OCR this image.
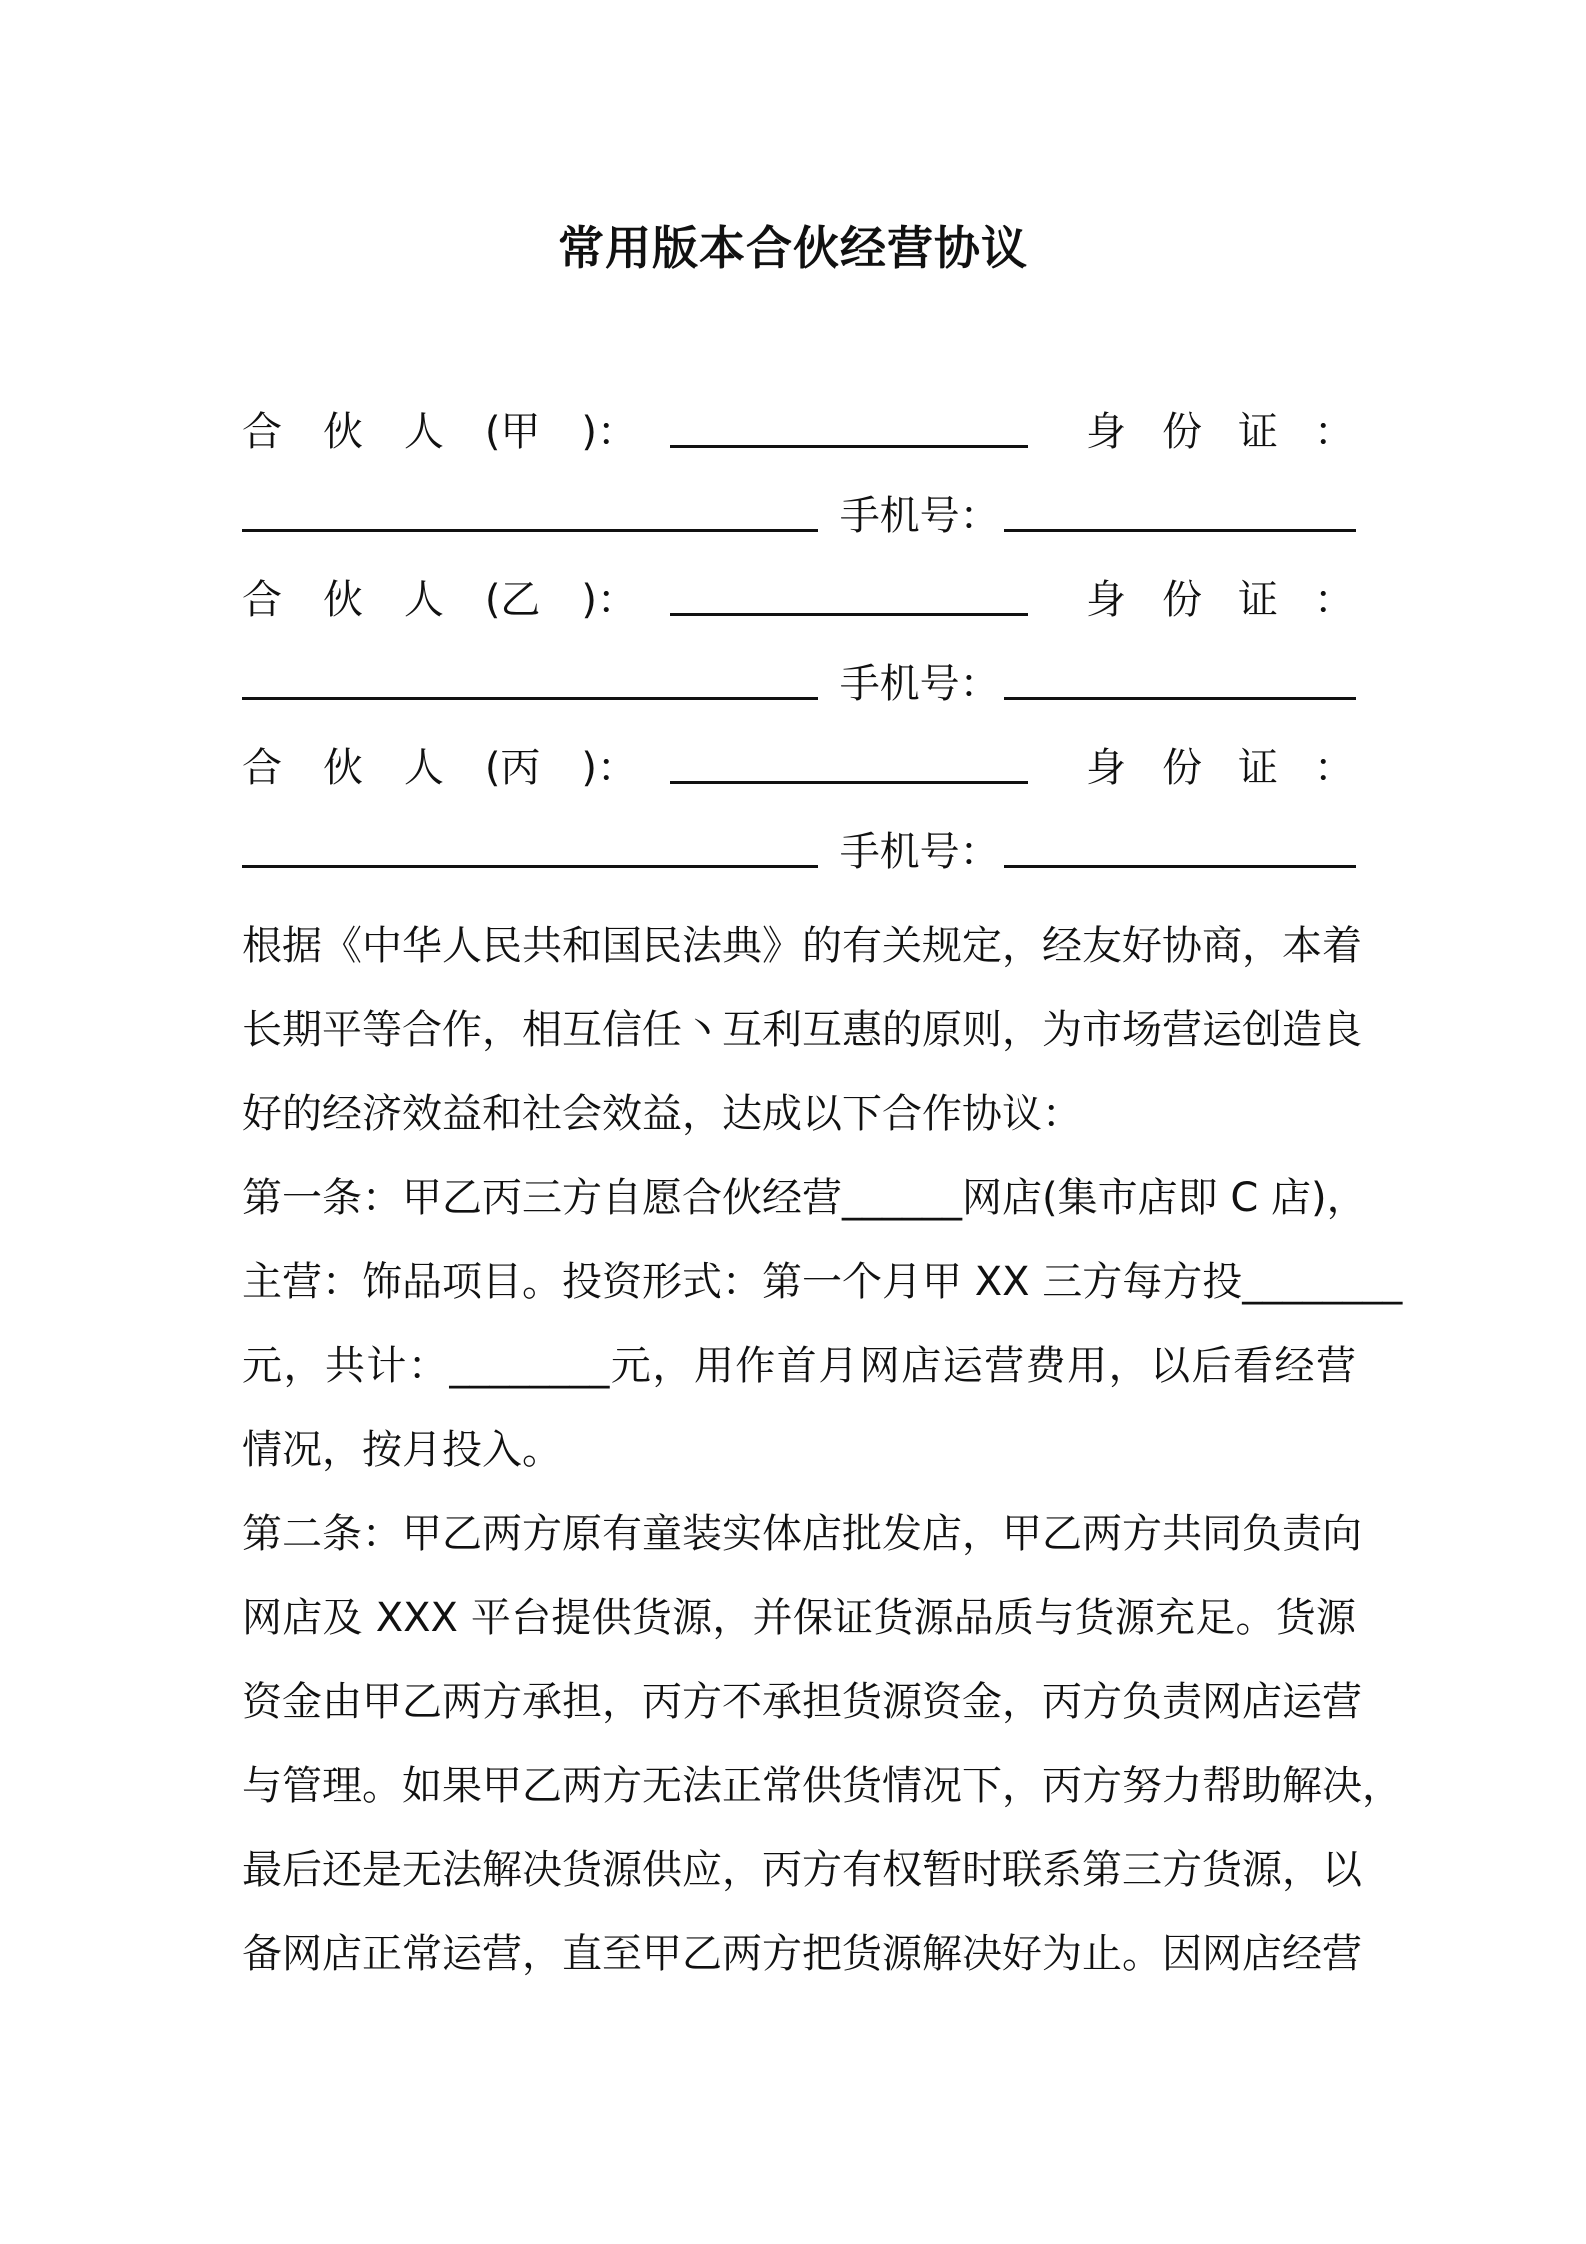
常用版本合伙经营协议
合 伙 人 (甲 )：	身 份 证 ：
手机号：
合 伙 人 (乙 )：	身 份 证 ：
手机号：
合 伙 人 (丙 )：	身 份 证 ：
手机号：
根据《中华人民共和国民法典》的有关规定，经友好协商，本着
长期平等合作，相互信任丶互利互惠的原则，为市场营运创造良
好的经济效益和社会效益，达成以下合作协议：
第一条：甲乙丙三方自愿合伙经营______网店(集市店即 C 店)，
主营：饰品项目。投资形式：第一个月甲 XX 三方每方投________
元，共计：________元，用作首月网店运营费用，以后看经营
情况，按月投入。
第二条：甲乙两方原有童装实体店批发店，甲乙两方共同负责向
网店及 XXX 平台提供货源，并保证货源品质与货源充足。货源
资金由甲乙两方承担，丙方不承担货源资金，丙方负责网店运营
与管理。如果甲乙两方无法正常供货情况下，丙方努力帮助解决，
最后还是无法解决货源供应，丙方有权暂时联系第三方货源，以
备网店正常运营，直至甲乙两方把货源解决好为止。因网店经营
